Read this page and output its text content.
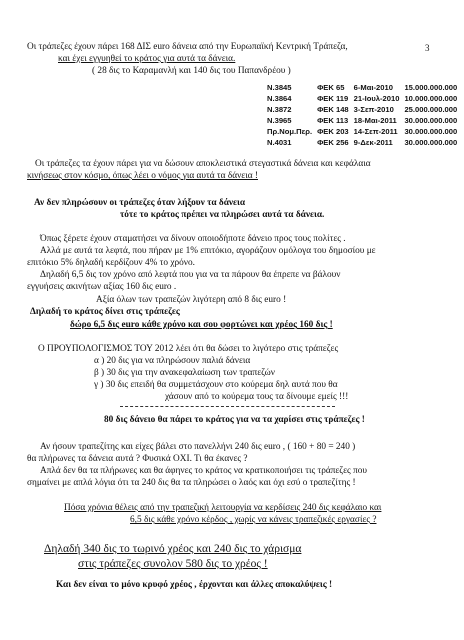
3
Οι τράπεζες έχουν πάρει 168 ΔΙΣ euro δάνεια από την Ευρωπαϊκή Κεντρική Τράπεζα,
και έχει εγγυηθεί το κράτος για αυτά τα δάνεια.
( 28 δις το Καραμανλή και 140 δις του Παπανδρέου )
N.3845	ΦΕΚ 65	6-Μαι-2010	15.000.000.000
N.3864	ΦΕΚ 119	21-Ιουλ-2010	10.000.000.000
N.3872	ΦΕΚ 148	3-Σεπ-2010	25.000.000.000
N.3965	ΦΕΚ 113	18-Μαι-2011	30.000.000.000
Πρ.Νομ.Περ.	ΦΕΚ 203	14-Σεπ-2011	30.000.000.000
N.4031	ΦΕΚ 256	9-Δεκ-2011	30.000.000.000
Οι τράπεζες τα έχουν πάρει για να δώσουν αποκλειστικά στεγαστικά δάνεια και κεφάλαια
κινήσεως στον κόσμο, όπως λέει ο νόμος για αυτά τα δάνεια !
Αν δεν πληρώσουν οι τράπεζες όταν λήξουν τα δάνεια
τότε το κράτος πρέπει να πληρώσει αυτά τα δάνεια.
Όπως ξέρετε έχουν σταματήσει να δίνουν οποιοδήποτε δάνειο προς τους πολίτες .
Αλλά με αυτά τα λεφτά, που πήραν με 1% επιτόκιο, αγοράζουν ομόλογα του δημοσίου με
επιτόκιο 5% δηλαδή κερδίζουν 4% το χρόνο.
Δηλαδή 6,5 δις τον χρόνο από λεφτά που για να τα πάρουν θα έπρεπε να βάλουν
εγγυήσεις ακινήτων αξίας 160 δις euro .
Αξία όλων των τραπεζών λιγότερη από 8 δις euro !
Δηλαδή το κράτος δίνει στις τράπεζες
δώρο 6,5 δις euro κάθε χρόνο και σου φορτώνει και χρέος 160 δις !
Ο ΠΡΟΥΠΟΛΟΓΙΣΜΟΣ ΤΟΥ 2012 λέει ότι θα δώσει το λιγότερο στις τράπεζες
α ) 20 δις για να πληρώσουν παλιά δάνεια
β ) 30 δις για την ανακεφαλαίωση των τραπεζών
γ ) 30 δις επειδή θα συμμετάσχουν στο κούρεμα δηλ αυτά που θα
χάσουν από το κούρεμα τους τα δίνουμε εμείς !!!
80 δις δάνειο θα πάρει το κράτος για να τα χαρίσει στις τράπεζες !
Αν ήσουν τραπεζίτης και είχες βάλει στο πανελλήνι 240 δις euro , ( 160 + 80 = 240 )
θα πλήρωνες τα δάνεια αυτά ? Φυσικά ΟΧΙ. Τι θα έκανες ?
Απλά δεν θα τα πλήρωνες και θα άφηνες το κράτος να κρατικοποιήσει τις τράπεζες που
σημαίνει με απλά λόγια ότι τα 240 δις θα τα πληρώσει ο λαός και όχι εσύ ο τραπεζίτης !
Πόσα χρόνια θέλεις από την τραπεζική λειτουργία να κερδίσεις 240 δις κεφάλαιο και
6,5 δις κάθε χρόνο κέρδος , χωρίς να κάνεις τραπεζικές εργασίες ?
Δηλαδή 340 δις το τωρινό χρέος και 240 δις το χάρισμα
στις τράπεζες συνολον 580 δις το χρέος !
Και δεν είναι το μόνο κρυφό χρέος , έρχονται και άλλες αποκαλύψεις !
